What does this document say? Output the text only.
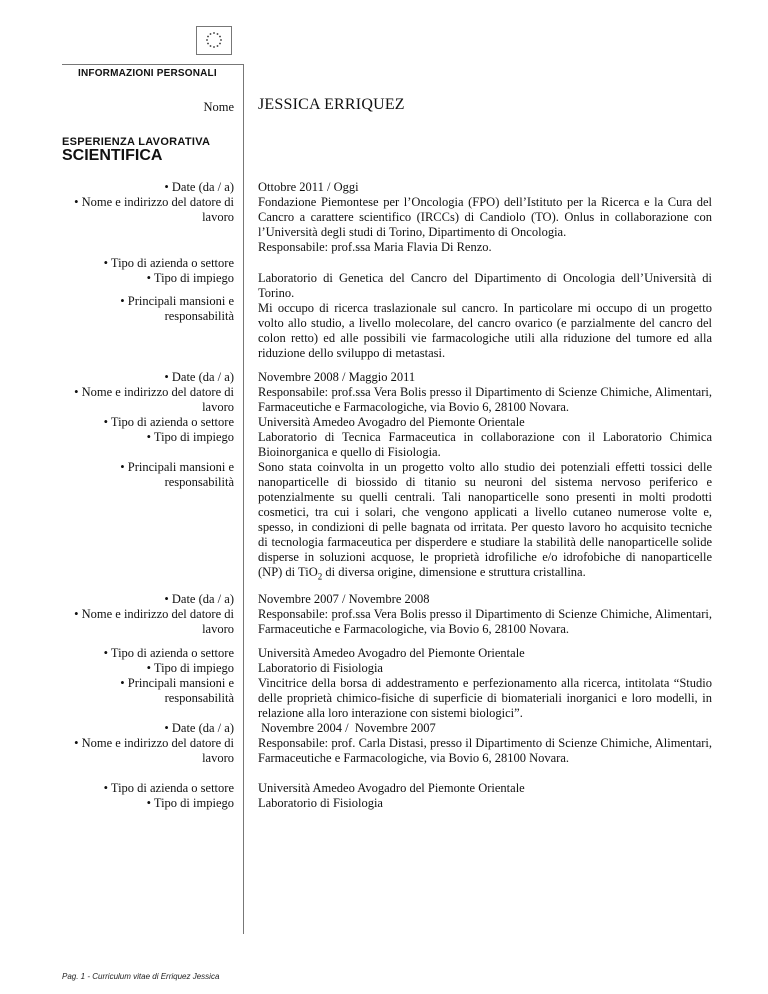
INFORMAZIONI PERSONALI
Nome JESSICA ERRIQUEZ
ESPERIENZA LAVORATIVA
SCIENTIFICA
• Date (da / a)
• Nome e indirizzo del datore di
lavoro
• Tipo di azienda o settore
• Tipo di impiego
• Principali mansioni e
responsabilità

Ottobre 2011 / Oggi

Fondazione Piemontese per l’Oncologia (FPO) dell’Istituto per la Ricerca e la Cura del Cancro a carattere scientifico (IRCCs) di Candiolo (TO). Onlus in collaborazione con l’Università degli studi di Torino, Dipartimento di Oncologia.

Responsabile: prof.ssa Maria Flavia Di Renzo.

Laboratorio di Genetica del Cancro del Dipartimento di Oncologia dell’Università di Torino.

Mi occupo di ricerca traslazionale sul cancro. In particolare mi occupo di un progetto volto allo studio, a livello molecolare, del cancro ovarico (e parzialmente del cancro del colon retto) ed alle possibili vie farmacologiche utili alla riduzione del tumore ed alla riduzione dello sviluppo di metastasi.

• Date (da / a)
• Nome e indirizzo del datore di
lavoro
• Tipo di azienda o settore
• Tipo di impiego
• Principali mansioni e
responsabilità

Novembre 2008 / Maggio 2011

Responsabile: prof.ssa Vera Bolis presso il Dipartimento di Scienze Chimiche, Alimentari, Farmaceutiche e Farmacologiche, via Bovio 6, 28100 Novara.

Università Amedeo Avogadro del Piemonte Orientale

Laboratorio di Tecnica Farmaceutica in collaborazione con il Laboratorio Chimica Bioinorganica e quello di Fisiologia.

Sono stata coinvolta in un progetto volto allo studio dei potenziali effetti tossici delle nanoparticelle di biossido di titanio su neuroni del sistema nervoso periferico e potenzialmente su quelli centrali. Tali nanoparticelle sono presenti in molti prodotti cosmetici, tra cui i solari, che vengono applicati a livello cutaneo numerose volte e, spesso, in condizioni di pelle bagnata od irritata. Per questo lavoro ho acquisito tecniche di tecnologia farmaceutica per disperdere e studiare la stabilità delle nanoparticelle solide disperse in soluzioni acquose, le proprietà idrofiliche e/o idrofobiche di nanoparticelle (NP) di TiO$_2$ di diversa origine, dimensione e struttura cristallina.

• Date (da / a)
• Nome e indirizzo del datore di
lavoro
• Tipo di azienda o settore
• Tipo di impiego
• Principali mansioni e
responsabilità

Novembre 2007 / Novembre 2008

Responsabile: prof.ssa Vera Bolis presso il Dipartimento di Scienze Chimiche, Alimentari, Farmaceutiche e Farmacologiche, via Bovio 6, 28100 Novara.

Università Amedeo Avogadro del Piemonte Orientale

Laboratorio di Fisiologia

Vincitrice della borsa di addestramento e perfezionamento alla ricerca, intitolata “Studio delle proprietà chimico-fisiche di superficie di biomateriali inorganici e loro modelli, in relazione alla loro interazione con sistemi biologici”.

• Date (da / a)
• Nome e indirizzo del datore di
lavoro
• Tipo di azienda o settore
• Tipo di impiego

Novembre 2004 /  Novembre 2007

Responsabile: prof. Carla Distasi, presso il Dipartimento di Scienze Chimiche, Alimentari, Farmaceutiche e Farmacologiche, via Bovio 6, 28100 Novara.

Università Amedeo Avogadro del Piemonte Orientale

Laboratorio di Fisiologia

Pag. 1 - Curriculum vitae di Erriquez Jessica
